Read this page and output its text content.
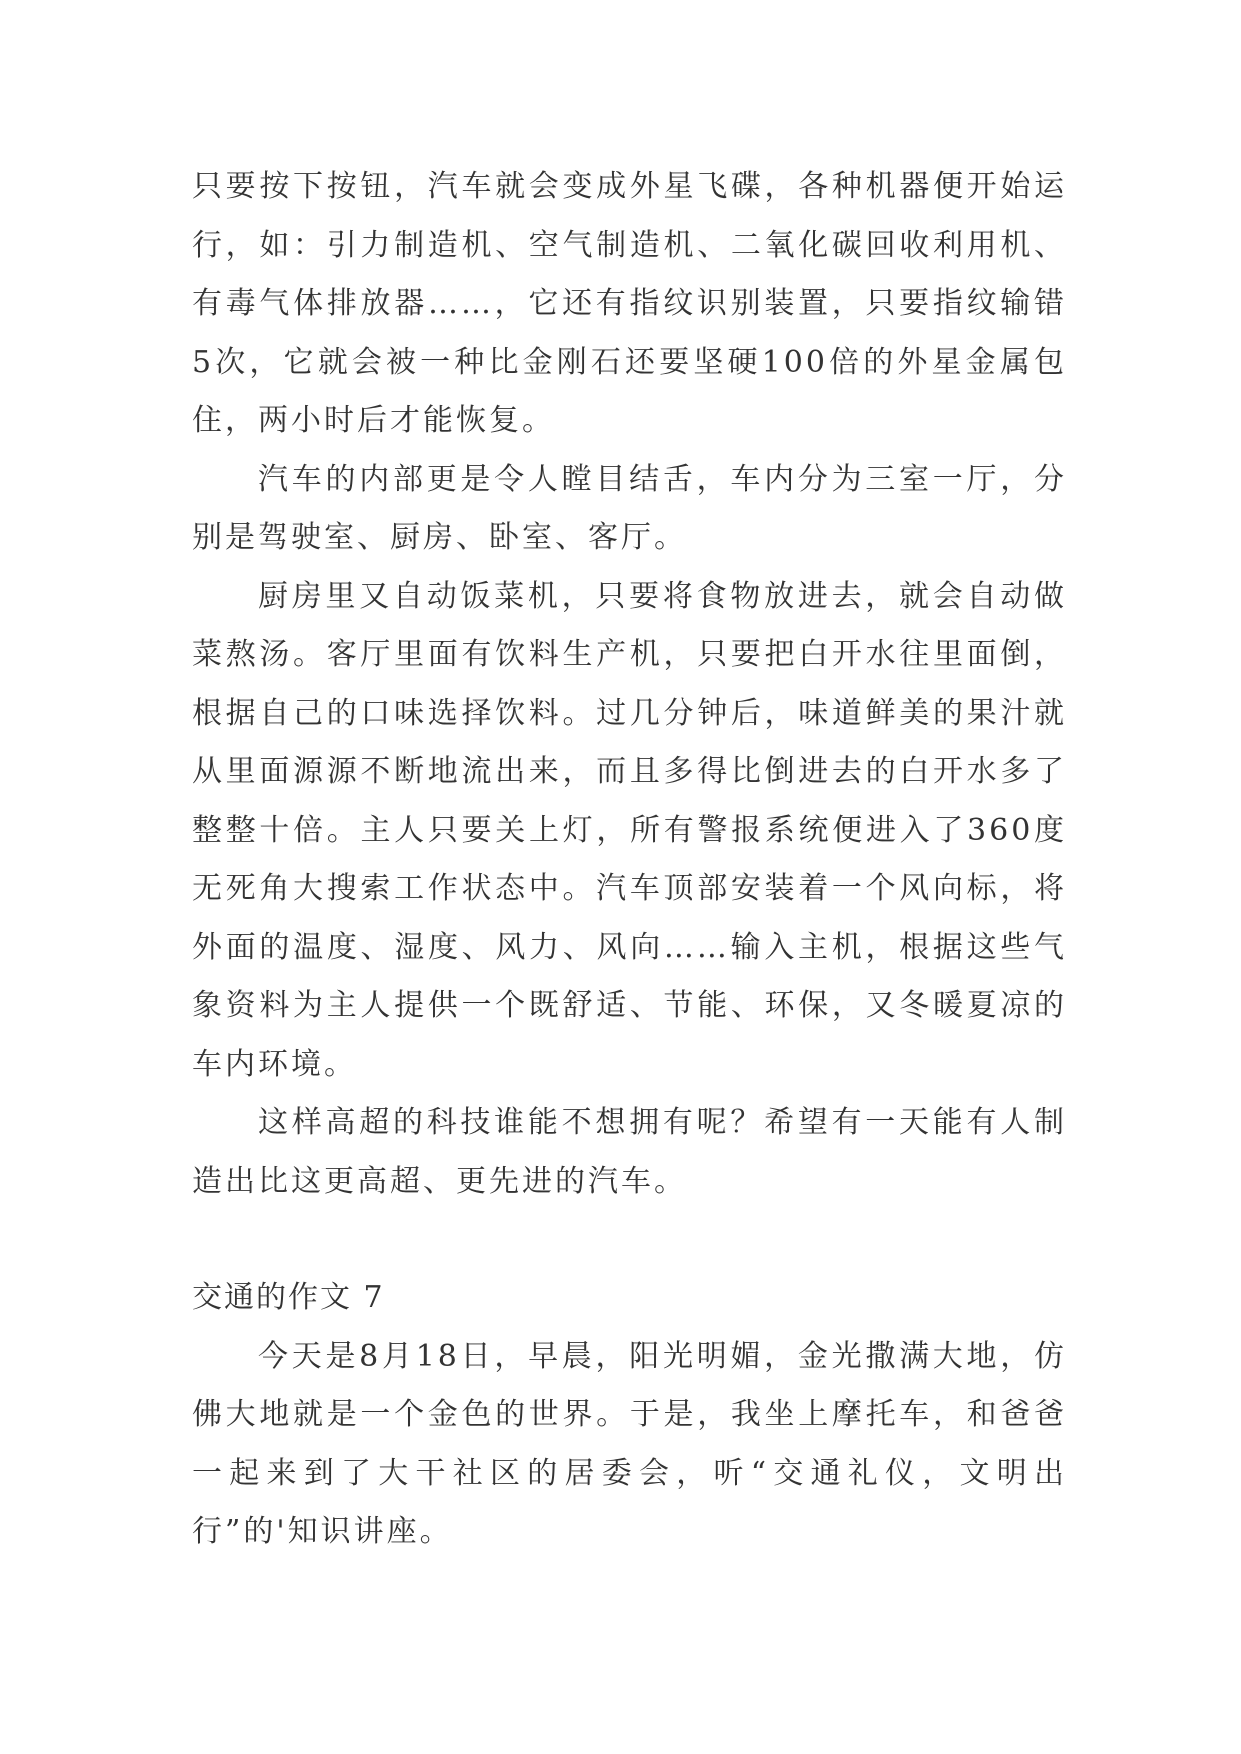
只要按下按钮，汽车就会变成外星飞碟，各种机器便开始运行，如：引力制造机、空气制造机、二氧化碳回收利用机、有毒气体排放器……，它还有指纹识别装置，只要指纹输错5次，它就会被一种比金刚石还要坚硬100倍的外星金属包住，两小时后才能恢复。

汽车的内部更是令人瞠目结舌，车内分为三室一厅，分别是驾驶室、厨房、卧室、客厅。

厨房里又自动饭菜机，只要将食物放进去，就会自动做菜熬汤。客厅里面有饮料生产机，只要把白开水往里面倒，根据自己的口味选择饮料。过几分钟后，味道鲜美的果汁就从里面源源不断地流出来，而且多得比倒进去的白开水多了整整十倍。主人只要关上灯，所有警报系统便进入了360度无死角大搜索工作状态中。汽车顶部安装着一个风向标，将外面的温度、湿度、风力、风向……输入主机，根据这些气象资料为主人提供一个既舒适、节能、环保，又冬暖夏凉的车内环境。

这样高超的科技谁能不想拥有呢？希望有一天能有人制造出比这更高超、更先进的汽车。

交通的作文 7

今天是8月18日，早晨，阳光明媚，金光撒满大地，仿佛大地就是一个金色的世界。于是，我坐上摩托车，和爸爸一起来到了大干社区的居委会，听“交通礼仪，文明出行”的'知识讲座。
